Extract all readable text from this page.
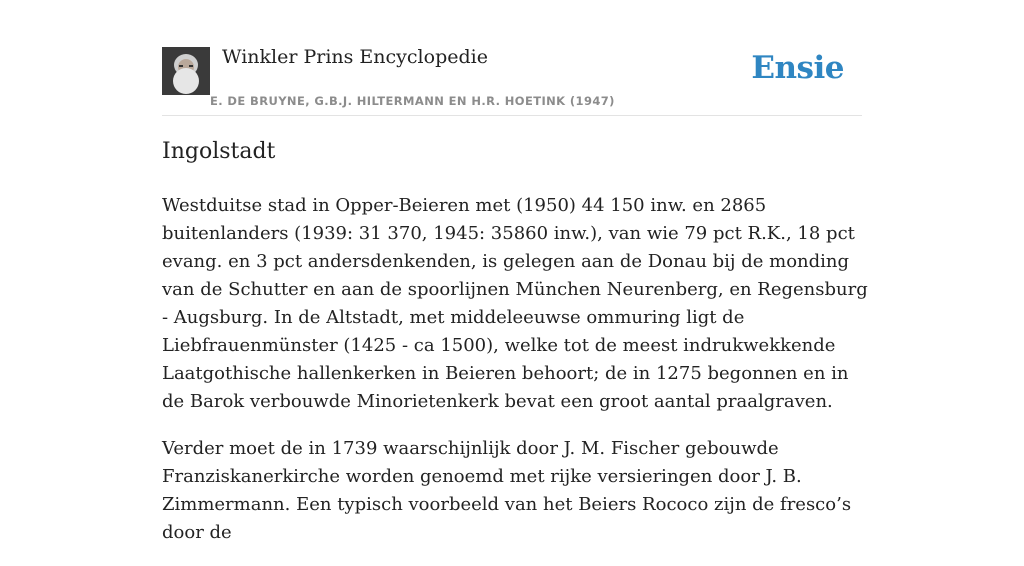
Winkler Prins Encyclopedie
E. DE BRUYNE, G.B.J. HILTERMANN EN H.R. HOETINK (1947)
Ensie
Ingolstadt

Westduitse stad in Opper-Beieren met (1950) 44 150 inw. en 2865 buitenlanders (1939: 31 370, 1945: 35860 inw.), van wie 79 pct R.K., 18 pct evang. en 3 pct andersdenkenden, is gelegen aan de Donau bij de monding van de Schutter en aan de spoorlijnen München Neurenberg, en Regensburg - Augsburg. In de Altstadt, met middeleeuwse ommuring ligt de Liebfrauenmünster (1425 - ca 1500), welke tot de meest indrukwekkende Laatgothische hallenkerken in Beieren behoort; de in 1275 begonnen en in de Barok verbouwde Minorietenkerk bevat een groot aantal praalgraven.

Verder moet de in 1739 waarschijnlijk door J. M. Fischer gebouwde Franziskanerkirche worden genoemd met rijke versieringen door J. B. Zimmermann. Een typisch voorbeeld van het Beiers Rococo zijn de fresco’s door de
